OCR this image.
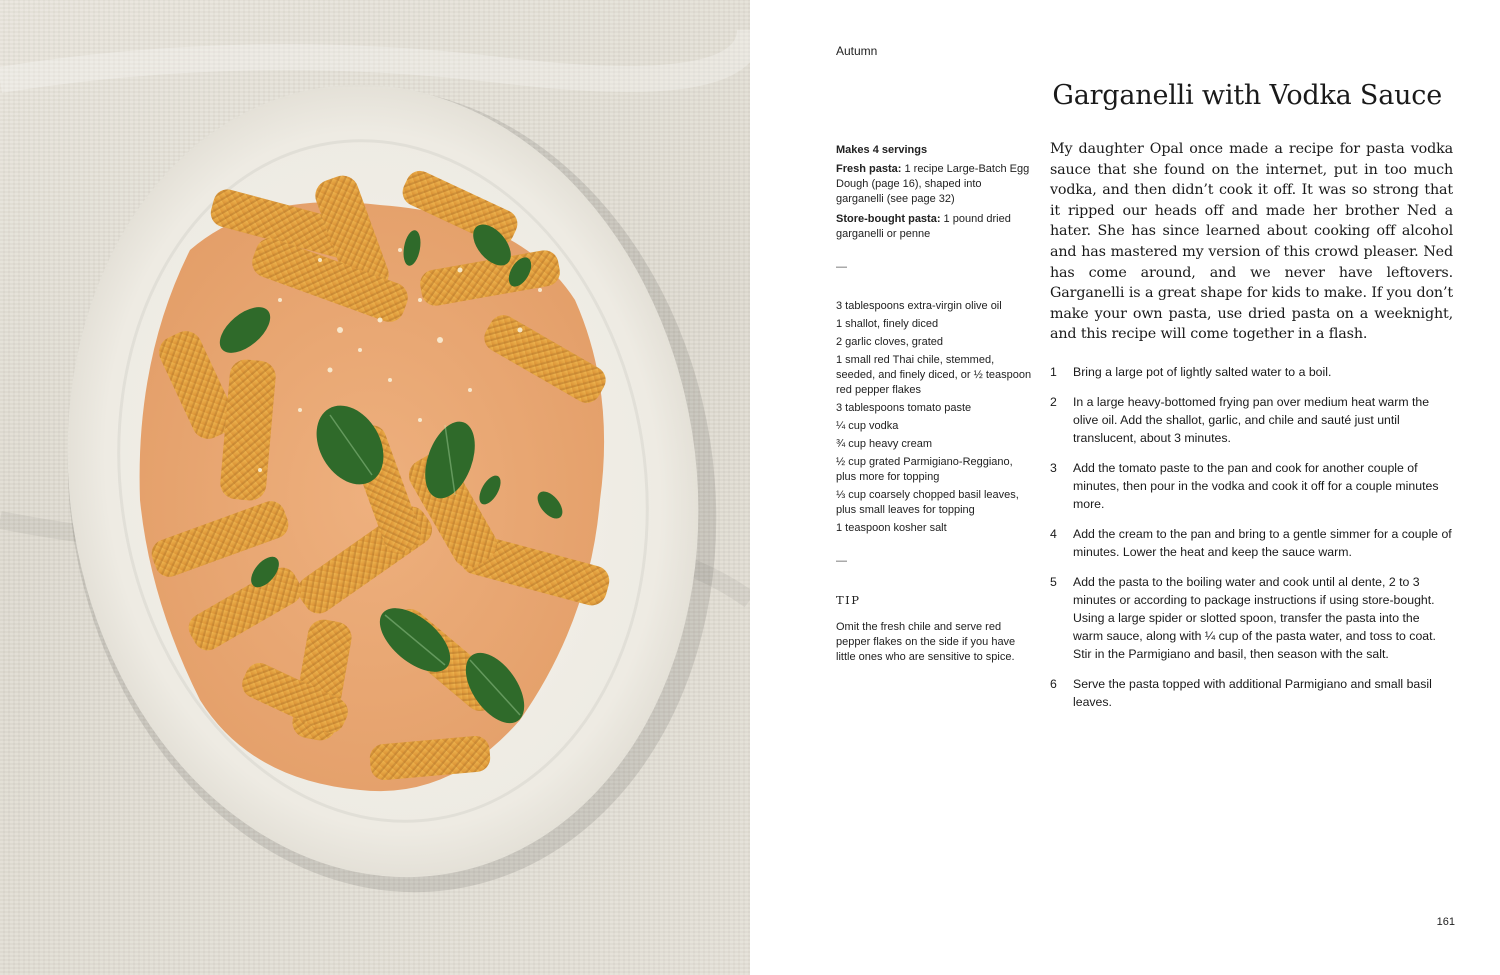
Autumn
Garganelli with Vodka Sauce
Makes 4 servings
Fresh pasta: 1 recipe Large-Batch Egg Dough (page 16), shaped into garganelli (see page 32)
Store-bought pasta: 1 pound dried garganelli or penne
—
3 tablespoons extra-virgin olive oil
1 shallot, finely diced
2 garlic cloves, grated
1 small red Thai chile, stemmed, seeded, and finely diced, or ½ teaspoon red pepper flakes
3 tablespoons tomato paste
¼ cup vodka
¾ cup heavy cream
½ cup grated Parmigiano-Reggiano, plus more for topping
⅓ cup coarsely chopped basil leaves, plus small leaves for topping
1 teaspoon kosher salt
—
TIP
Omit the fresh chile and serve red pepper flakes on the side if you have little ones who are sensitive to spice.

My daughter Opal once made a recipe for pasta vodka sauce that she found on the internet, put in too much vodka, and then didn’t cook it off. It was so strong that it ripped our heads off and made her brother Ned a hater. She has since learned about cooking off alcohol and has mastered my version of this crowd pleaser. Ned has come around, and we never have leftovers. Garganelli is a great shape for kids to make. If you don’t make your own pasta, use dried pasta on a weeknight, and this recipe will come together in a flash.

1	Bring a large pot of lightly salted water to a boil.
2	In a large heavy-bottomed frying pan over medium heat warm the olive oil. Add the shallot, garlic, and chile and sauté just until translucent, about 3 minutes.
3	Add the tomato paste to the pan and cook for another couple of minutes, then pour in the vodka and cook it off for a couple minutes more.
4	Add the cream to the pan and bring to a gentle simmer for a couple of minutes. Lower the heat and keep the sauce warm.
5	Add the pasta to the boiling water and cook until al dente, 2 to 3 minutes or according to package instructions if using store-bought. Using a large spider or slotted spoon, transfer the pasta into the warm sauce, along with ¼ cup of the pasta water, and toss to coat. Stir in the Parmigiano and basil, then season with the salt.
6	Serve the pasta topped with additional Parmigiano and small basil leaves.
161
